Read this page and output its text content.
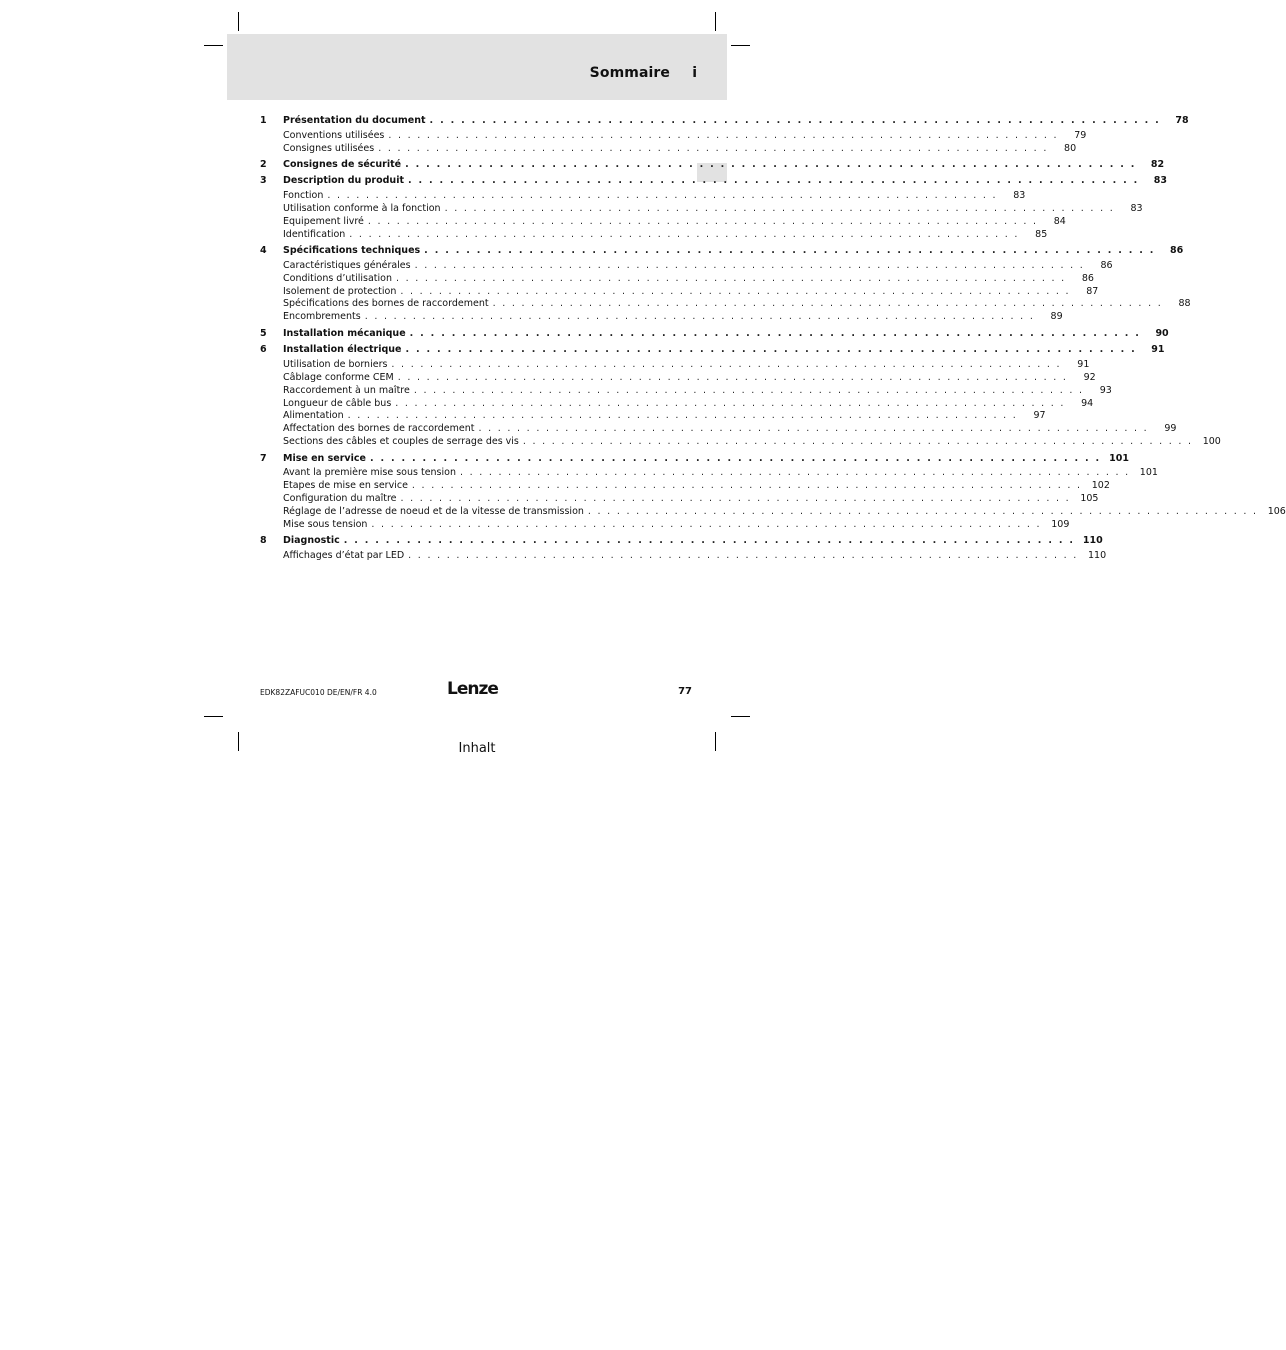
Sommaire i
1	Présentation du document . . . . . . . . . . . . . . . . . . . . . . . . . . . . . . . . . . . . . . . . . . . . . . . . . . . . . . . . . . . . . . . . . . . . . .	78
Conventions utilisées . . . . . . . . . . . . . . . . . . . . . . . . . . . . . . . . . . . . . . . . . . . . . . . . . . . . . . . . . . . . . . . . . . . . . .	79
Consignes utilisées . . . . . . . . . . . . . . . . . . . . . . . . . . . . . . . . . . . . . . . . . . . . . . . . . . . . . . . . . . . . . . . . . . . . . .	80
2	Consignes de sécurité . . . . . . . . . . . . . . . . . . . . . . . . . . . . . . . . . . . . . . . . . . . . . . . . . . . . . . . . . . . . . . . . . . . . . .	82
3	Description du produit . . . . . . . . . . . . . . . . . . . . . . . . . . . . . . . . . . . . . . . . . . . . . . . . . . . . . . . . . . . . . . . . . . . . . .	83
Fonction . . . . . . . . . . . . . . . . . . . . . . . . . . . . . . . . . . . . . . . . . . . . . . . . . . . . . . . . . . . . . . . . . . . . . .	83
Utilisation conforme à la fonction . . . . . . . . . . . . . . . . . . . . . . . . . . . . . . . . . . . . . . . . . . . . . . . . . . . . . . . . . . . . . . . . . . . . . .	83
Equipement livré . . . . . . . . . . . . . . . . . . . . . . . . . . . . . . . . . . . . . . . . . . . . . . . . . . . . . . . . . . . . . . . . . . . . . .	84
Identification . . . . . . . . . . . . . . . . . . . . . . . . . . . . . . . . . . . . . . . . . . . . . . . . . . . . . . . . . . . . . . . . . . . . . .	85
4	Spécifications techniques . . . . . . . . . . . . . . . . . . . . . . . . . . . . . . . . . . . . . . . . . . . . . . . . . . . . . . . . . . . . . . . . . . . . . .	86
Caractéristiques générales . . . . . . . . . . . . . . . . . . . . . . . . . . . . . . . . . . . . . . . . . . . . . . . . . . . . . . . . . . . . . . . . . . . . . .	86
Conditions d’utilisation . . . . . . . . . . . . . . . . . . . . . . . . . . . . . . . . . . . . . . . . . . . . . . . . . . . . . . . . . . . . . . . . . . . . . .	86
Isolement de protection . . . . . . . . . . . . . . . . . . . . . . . . . . . . . . . . . . . . . . . . . . . . . . . . . . . . . . . . . . . . . . . . . . . . . .	87
Spécifications des bornes de raccordement . . . . . . . . . . . . . . . . . . . . . . . . . . . . . . . . . . . . . . . . . . . . . . . . . . . . . . . . . . . . . . . . . . . . . .	88
Encombrements . . . . . . . . . . . . . . . . . . . . . . . . . . . . . . . . . . . . . . . . . . . . . . . . . . . . . . . . . . . . . . . . . . . . . .	89
5	Installation mécanique . . . . . . . . . . . . . . . . . . . . . . . . . . . . . . . . . . . . . . . . . . . . . . . . . . . . . . . . . . . . . . . . . . . . . .	90
6	Installation électrique . . . . . . . . . . . . . . . . . . . . . . . . . . . . . . . . . . . . . . . . . . . . . . . . . . . . . . . . . . . . . . . . . . . . . .	91
Utilisation de borniers . . . . . . . . . . . . . . . . . . . . . . . . . . . . . . . . . . . . . . . . . . . . . . . . . . . . . . . . . . . . . . . . . . . . . .	91
Câblage conforme CEM . . . . . . . . . . . . . . . . . . . . . . . . . . . . . . . . . . . . . . . . . . . . . . . . . . . . . . . . . . . . . . . . . . . . . .	92
Raccordement à un maître . . . . . . . . . . . . . . . . . . . . . . . . . . . . . . . . . . . . . . . . . . . . . . . . . . . . . . . . . . . . . . . . . . . . . .	93
Longueur de câble bus . . . . . . . . . . . . . . . . . . . . . . . . . . . . . . . . . . . . . . . . . . . . . . . . . . . . . . . . . . . . . . . . . . . . . .	94
Alimentation . . . . . . . . . . . . . . . . . . . . . . . . . . . . . . . . . . . . . . . . . . . . . . . . . . . . . . . . . . . . . . . . . . . . . .	97
Affectation des bornes de raccordement . . . . . . . . . . . . . . . . . . . . . . . . . . . . . . . . . . . . . . . . . . . . . . . . . . . . . . . . . . . . . . . . . . . . . .	99
Sections des câbles et couples de serrage des vis . . . . . . . . . . . . . . . . . . . . . . . . . . . . . . . . . . . . . . . . . . . . . . . . . . . . . . . . . . . . . . . . . . . . . .	100
7	Mise en service . . . . . . . . . . . . . . . . . . . . . . . . . . . . . . . . . . . . . . . . . . . . . . . . . . . . . . . . . . . . . . . . . . . . . . 101
Avant la première mise sous tension . . . . . . . . . . . . . . . . . . . . . . . . . . . . . . . . . . . . . . . . . . . . . . . . . . . . . . . . . . . . . . . . . . . . . .	101
Etapes de mise en service . . . . . . . . . . . . . . . . . . . . . . . . . . . . . . . . . . . . . . . . . . . . . . . . . . . . . . . . . . . . . . . . . . . . . .	102
Configuration du maître . . . . . . . . . . . . . . . . . . . . . . . . . . . . . . . . . . . . . . . . . . . . . . . . . . . . . . . . . . . . . . . . . . . . . .	105
Réglage de l’adresse de noeud et de la vitesse de transmission . . . . . . . . . . . . . . . . . . . . . . . . . . . . . . . . . . . . . . . . . . . . . . . . . . . . . . . . . . . . . . . . . . . . . .	106
Mise sous tension . . . . . . . . . . . . . . . . . . . . . . . . . . . . . . . . . . . . . . . . . . . . . . . . . . . . . . . . . . . . . . . . . . . . . .	109
8	Diagnostic . . . . . . . . . . . . . . . . . . . . . . . . . . . . . . . . . . . . . . . . . . . . . . . . . . . . . . . . . . . . . . . . . . . . . . 110
Affichages d’état par LED . . . . . . . . . . . . . . . . . . . . . . . . . . . . . . . . . . . . . . . . . . . . . . . . . . . . . . . . . . . . . . . . . . . . . .	110
EDK82ZAFUC010 DE/EN/FR 4.0	Lenze	77
Inhalt
